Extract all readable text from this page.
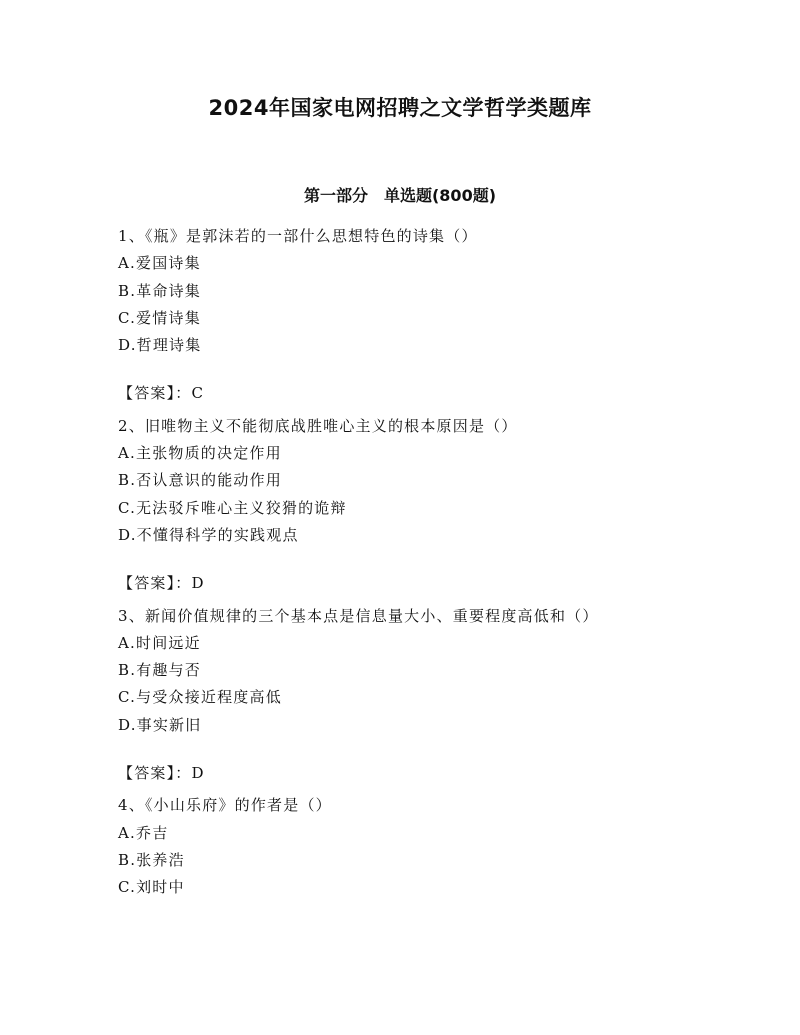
2024年国家电网招聘之文学哲学类题库
第一部分　单选题(800题)
1、《瓶》是郭沫若的一部什么思想特色的诗集（）
A.爱国诗集
B.革命诗集
C.爱情诗集
D.哲理诗集
【答案】：C
2、旧唯物主义不能彻底战胜唯心主义的根本原因是（）
A.主张物质的决定作用
B.否认意识的能动作用
C.无法驳斥唯心主义狡猾的诡辩
D.不懂得科学的实践观点
【答案】：D
3、新闻价值规律的三个基本点是信息量大小、重要程度高低和（）
A.时间远近
B.有趣与否
C.与受众接近程度高低
D.事实新旧
【答案】：D
4、《小山乐府》的作者是（）
A.乔吉
B.张养浩
C.刘时中
